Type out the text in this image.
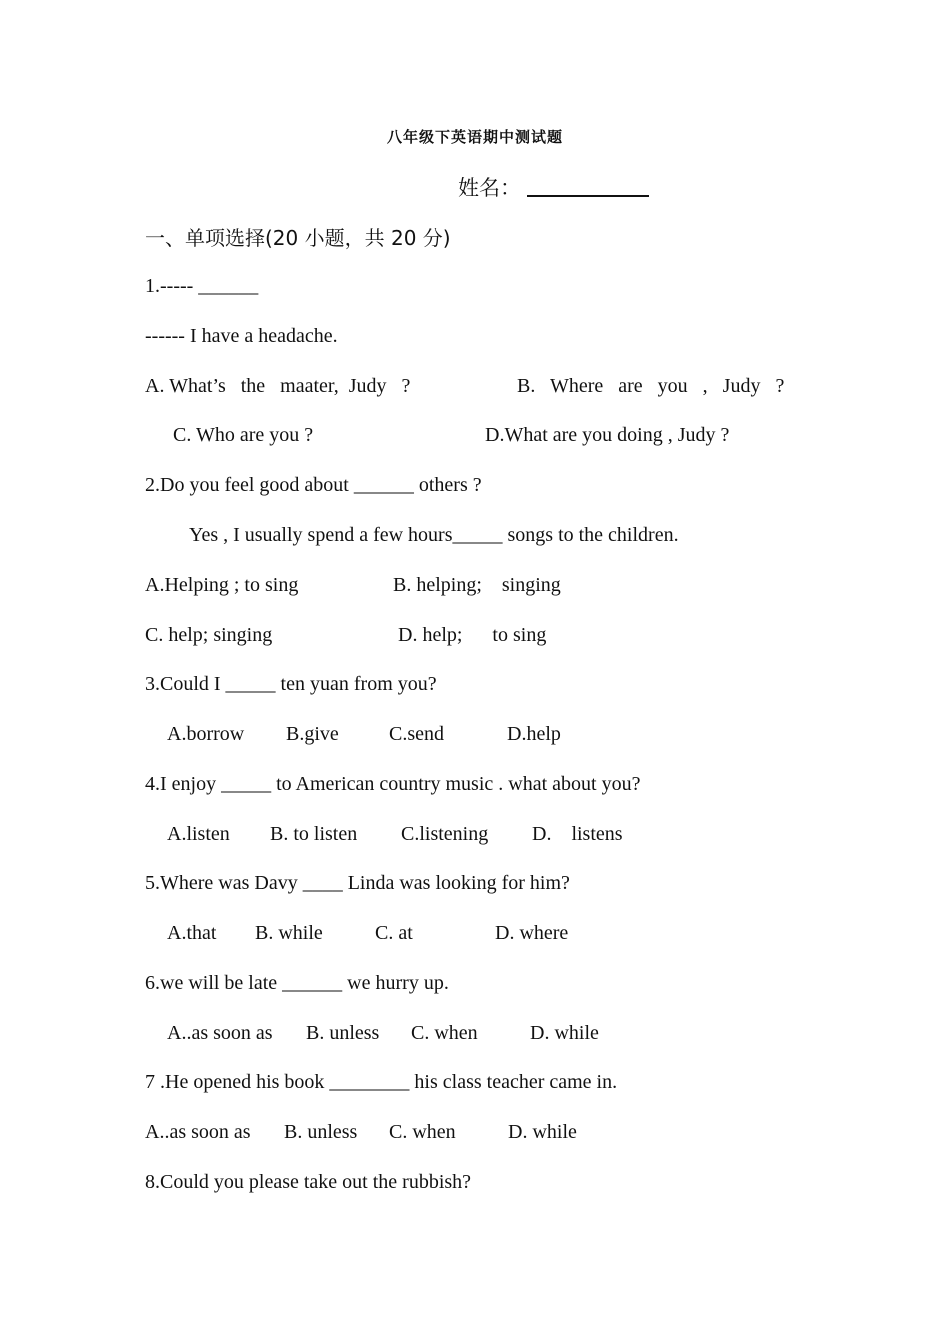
八年级下英语期中测试题
姓名：
一、单项选择(20 小题，共 20 分)
1.----- ______
------ I have a headache.
A. What’s   the   maater,  Judy   ?	B.   Where   are   you   ,   Judy   ?
C. Who are you ?	D.What are you doing , Judy ?
2.Do you feel good about ______ others ?
Yes , I usually spend a few hours_____ songs to the children.
A.Helping ; to sing	B. helping;    singing
C. help; singing	D. help;      to sing
3.Could I _____ ten yuan from you?
A.borrow B.give	C.send	D.help
4.I enjoy _____ to American country music . what about you?
A.listen B. to listen C.listening D.    listens
5.Where was Davy ____ Linda was looking for him?
A.that B. while	C. at	D. where
6.we will be late ______ we hurry up.
A..as soon as B. unless C. when	D. while
7 .He opened his book ________ his class teacher came in.
A..as soon as B. unless C. when	D. while
8.Could you please take out the rubbish?
